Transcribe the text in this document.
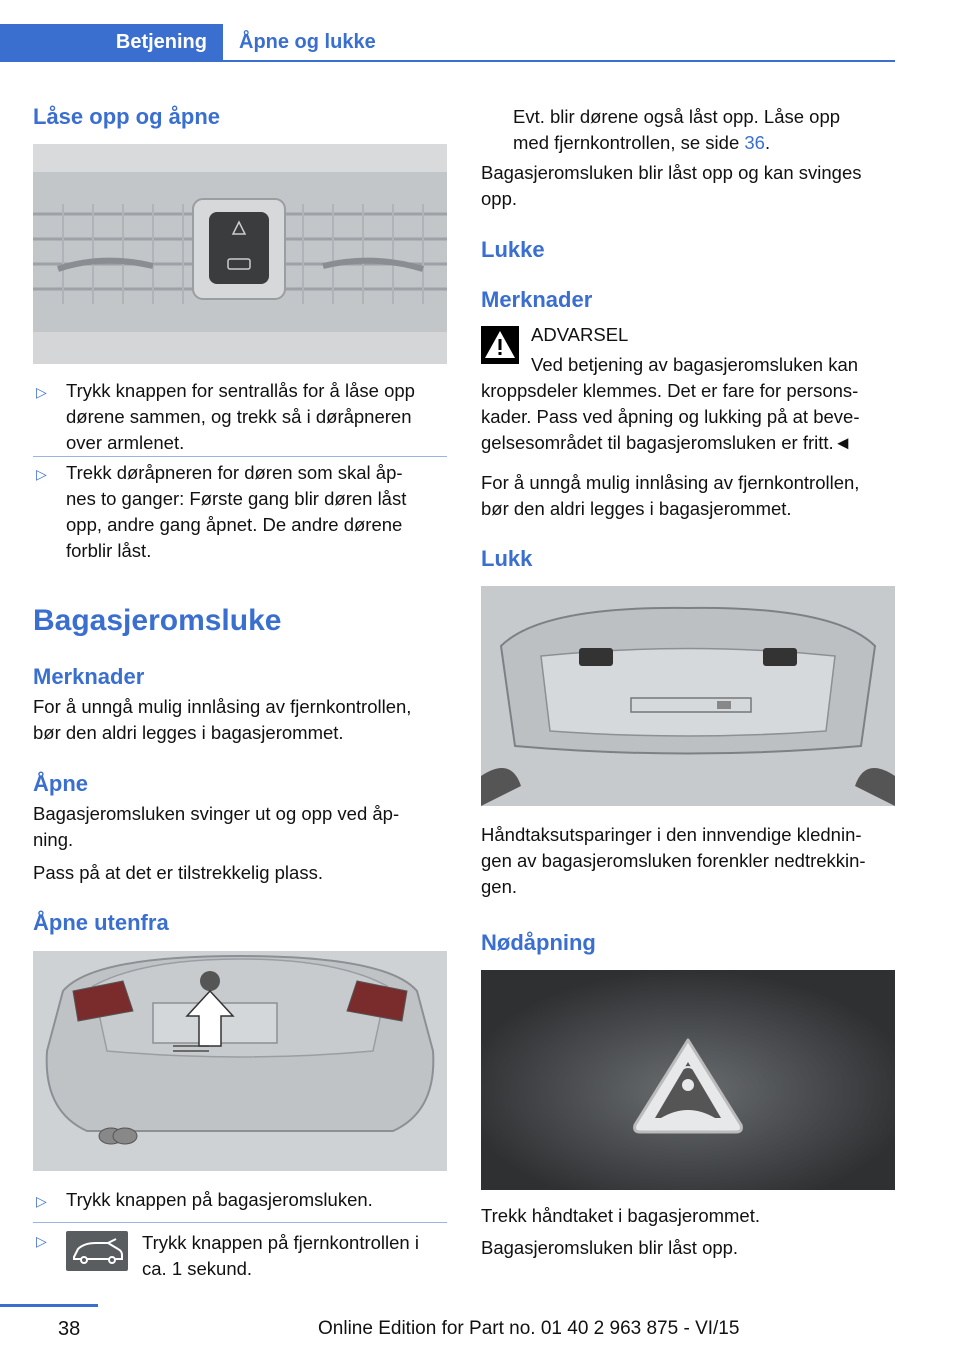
Betjening	Åpne og lukke
Låse opp og åpne
▷ Trykk knappen for sentrallås for å låse opp
dørene sammen, og trekk så i døråpneren
over armlenet.
▷ Trekk døråpneren for døren som skal åp-
nes to ganger: Første gang blir døren låst
opp, andre gang åpnet. De andre dørene
forblir låst.
Bagasjeromsluke
Merknader
For å unngå mulig innlåsing av fjernkontrollen,
bør den aldri legges i bagasjerommet.
Åpne
Bagasjeromsluken svinger ut og opp ved åp-
ning.
Pass på at det er tilstrekkelig plass.
Åpne utenfra
▷ Trykk knappen på bagasjeromsluken.
▷	Trykk knappen på fjernkontrollen i
ca. 1 sekund.
Evt. blir dørene også låst opp. Låse opp
med fjernkontrollen, se side 36.
Bagasjeromsluken blir låst opp og kan svinges
opp.
Lukke
Merknader
ADVARSEL
Ved betjening av bagasjeromsluken kan
kroppsdeler klemmes. Det er fare for persons-
kader. Pass ved åpning og lukking på at beve-
gelsesområdet til bagasjeromsluken er fritt.◄
For å unngå mulig innlåsing av fjernkontrollen,
bør den aldri legges i bagasjerommet.
Lukk
Håndtaksutsparinger i den innvendige klednin-
gen av bagasjeromsluken forenkler nedtrekkin-
gen.
Nødåpning
Trekk håndtaket i bagasjerommet.
Bagasjeromsluken blir låst opp.
38	Online Edition for Part no. 01 40 2 963 875 - VI/15
